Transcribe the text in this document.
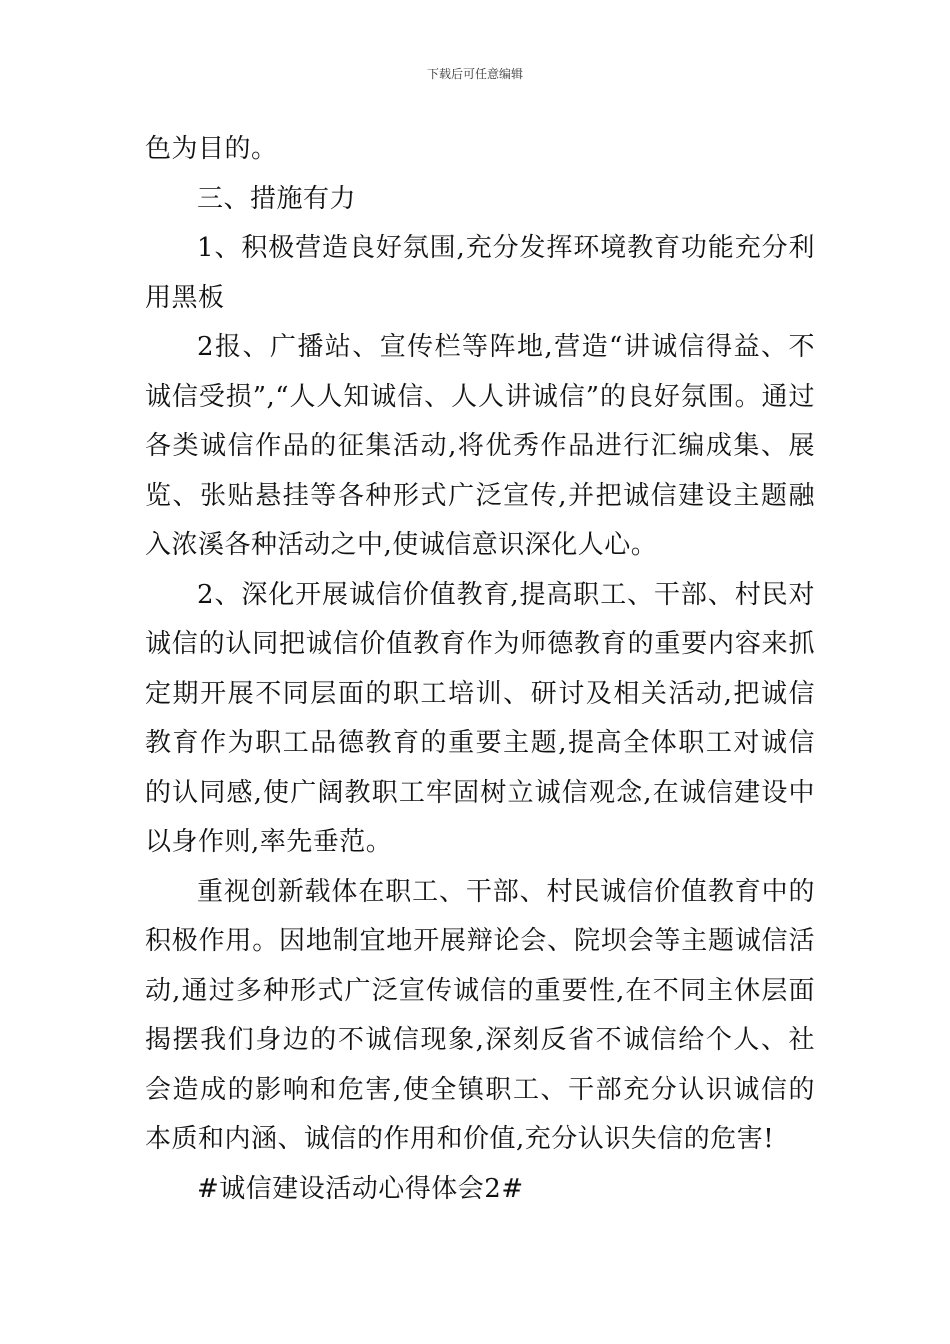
下载后可任意编辑

色为目的。

三、措施有力

1、积极营造良好氛围,充分发挥环境教育功能充分利用黑板

2报、广播站、宣传栏等阵地,营造“讲诚信得益、不诚信受损”,“人人知诚信、人人讲诚信”的良好氛围。通过各类诚信作品的征集活动,将优秀作品进行汇编成集、展览、张贴悬挂等各种形式广泛宣传,并把诚信建设主题融入浓溪各种活动之中,使诚信意识深化人心。

2、深化开展诚信价值教育,提高职工、干部、村民对诚信的认同把诚信价值教育作为师德教育的重要内容来抓定期开展不同层面的职工培训、研讨及相关活动,把诚信教育作为职工品德教育的重要主题,提高全体职工对诚信的认同感,使广阔教职工牢固树立诚信观念,在诚信建设中以身作则,率先垂范。

重视创新载体在职工、干部、村民诚信价值教育中的积极作用。因地制宜地开展辩论会、院坝会等主题诚信活动,通过多种形式广泛宣传诚信的重要性,在不同主休层面揭摆我们身边的不诚信现象,深刻反省不诚信给个人、社会造成的影响和危害,使全镇职工、干部充分认识诚信的本质和内涵、诚信的作用和价值,充分认识失信的危害!

#诚信建设活动心得体会2#
